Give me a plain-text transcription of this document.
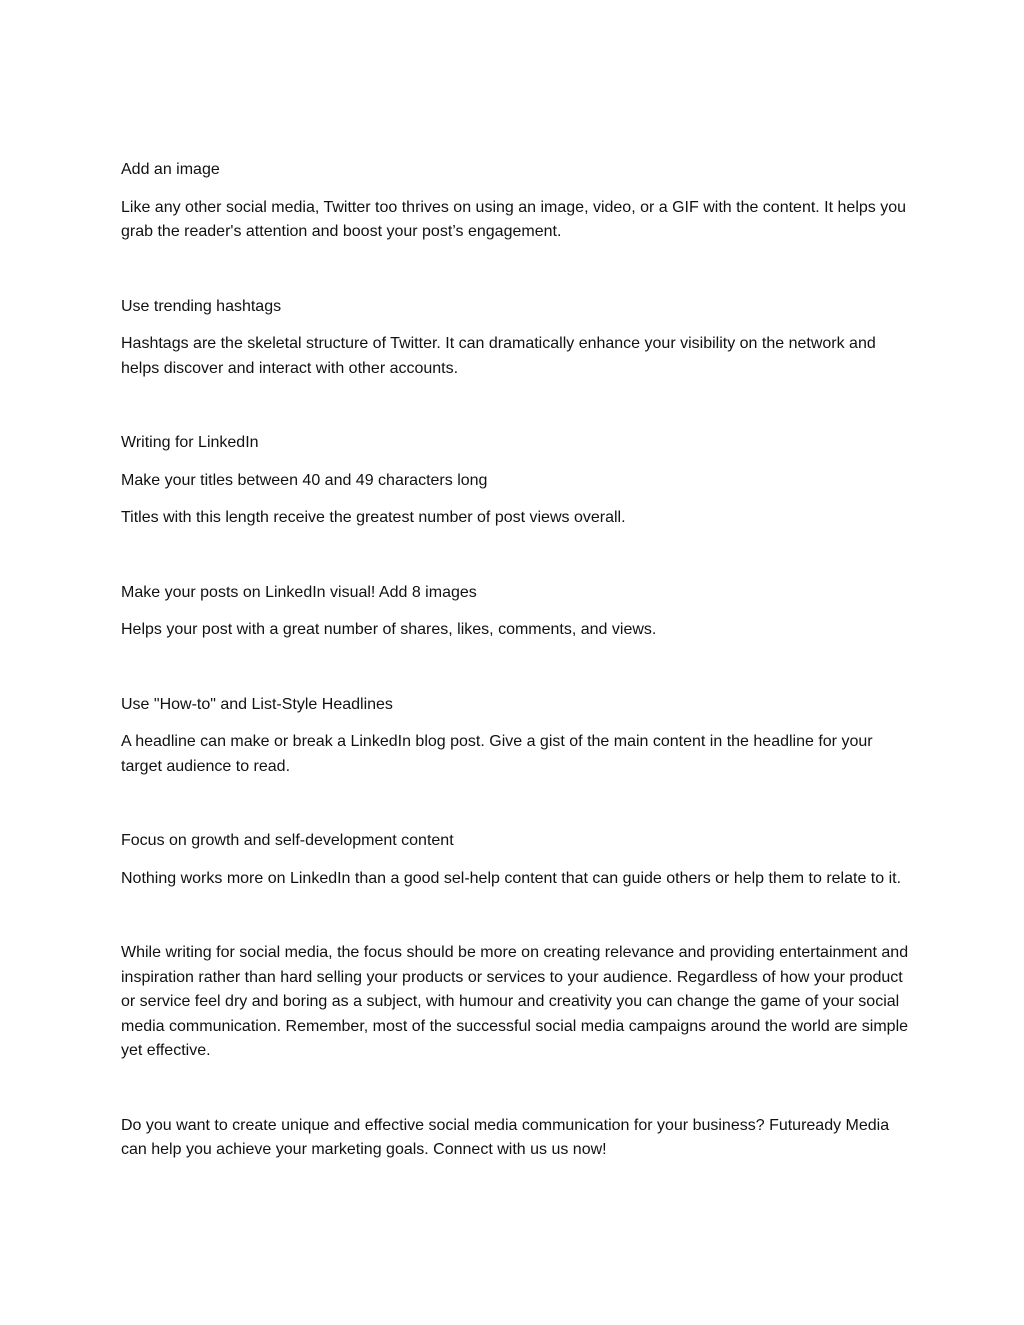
Add an image

Like any other social media, Twitter too thrives on using an image, video, or a GIF with the content. It helps you grab the reader's attention and boost your post’s engagement.

Use trending hashtags

Hashtags are the skeletal structure of Twitter. It can dramatically enhance your visibility on the network and helps discover and interact with other accounts.

Writing for LinkedIn

Make your titles between 40 and 49 characters long

Titles with this length receive the greatest number of post views overall.

Make your posts on LinkedIn visual! Add 8 images

Helps your post with a great number of shares, likes, comments, and views.

Use "How-to" and List-Style Headlines

A headline can make or break a LinkedIn blog post. Give a gist of the main content in the headline for your target audience to read.

Focus on growth and self-development content

Nothing works more on LinkedIn than a good sel-help content that can guide others or help them to relate to it.

While writing for social media, the focus should be more on creating relevance and providing entertainment and inspiration rather than hard selling your products or services to your audience. Regardless of how your product or service feel dry and boring as a subject, with humour and creativity you can change the game of your social media communication. Remember, most of the successful social media campaigns around the world are simple yet effective.

Do you want to create unique and effective social media communication for your business? Futuready Media can help you achieve your marketing goals. Connect with us us now!
